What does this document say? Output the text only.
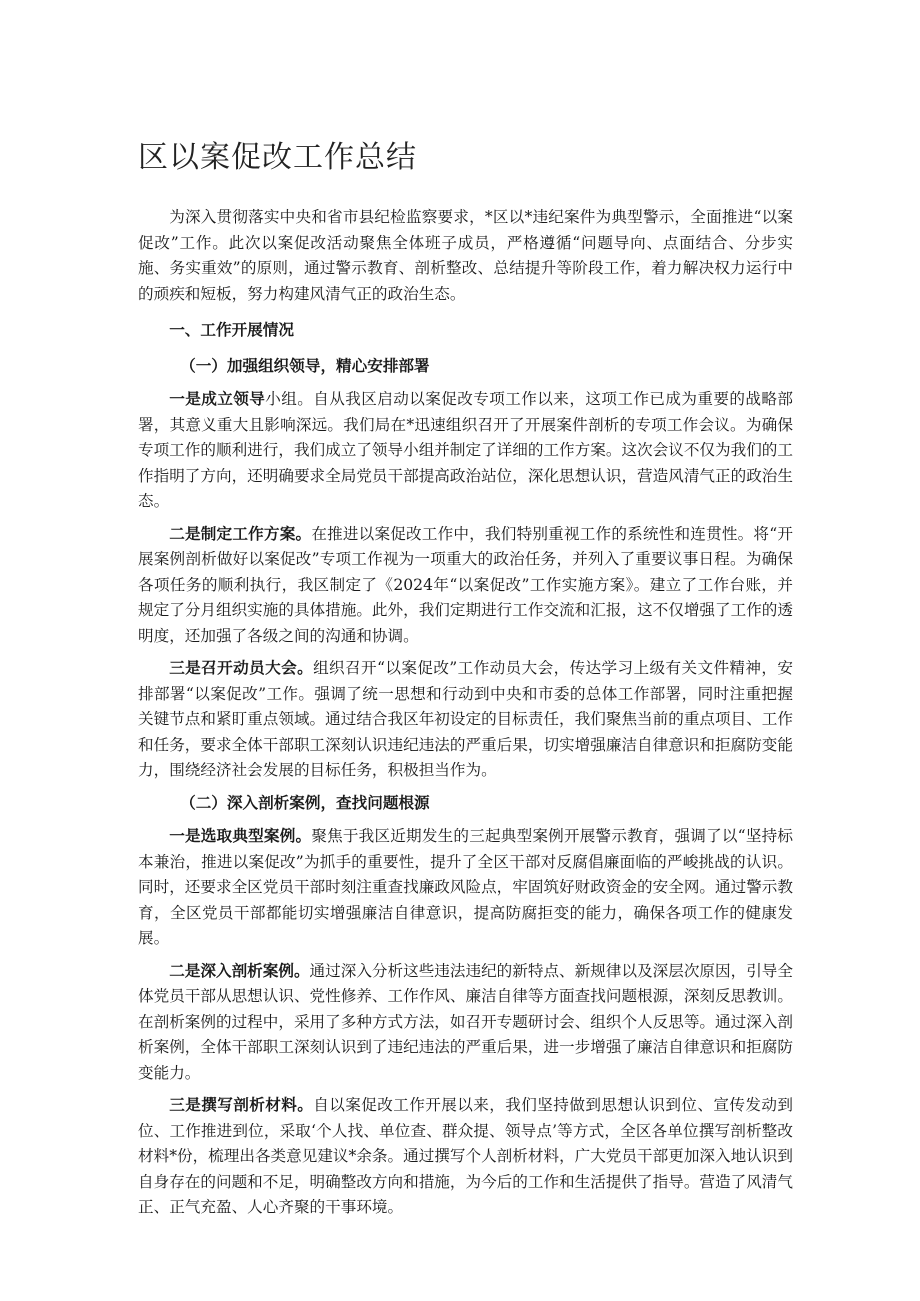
区以案促改工作总结

为深入贯彻落实中央和省市县纪检监察要求，*区以*违纪案件为典型警示，全面推进“以案促改”工作。此次以案促改活动聚焦全体班子成员，严格遵循“问题导向、点面结合、分步实施、务实重效”的原则，通过警示教育、剖析整改、总结提升等阶段工作，着力解决权力运行中的顽疾和短板，努力构建风清气正的政治生态。

一、工作开展情况

（一）加强组织领导，精心安排部署

一是成立领导小组。自从我区启动以案促改专项工作以来，这项工作已成为重要的战略部署，其意义重大且影响深远。我们局在*迅速组织召开了开展案件剖析的专项工作会议。为确保专项工作的顺利进行，我们成立了领导小组并制定了详细的工作方案。这次会议不仅为我们的工作指明了方向，还明确要求全局党员干部提高政治站位，深化思想认识，营造风清气正的政治生态。

二是制定工作方案。在推进以案促改工作中，我们特别重视工作的系统性和连贯性。将“开展案例剖析做好以案促改”专项工作视为一项重大的政治任务，并列入了重要议事日程。为确保各项任务的顺利执行，我区制定了《2024年“以案促改”工作实施方案》。建立了工作台账，并规定了分月组织实施的具体措施。此外，我们定期进行工作交流和汇报，这不仅增强了工作的透明度，还加强了各级之间的沟通和协调。

三是召开动员大会。组织召开“以案促改”工作动员大会，传达学习上级有关文件精神，安排部署“以案促改”工作。强调了统一思想和行动到中央和市委的总体工作部署，同时注重把握关键节点和紧盯重点领域。通过结合我区年初设定的目标责任，我们聚焦当前的重点项目、工作和任务，要求全体干部职工深刻认识违纪违法的严重后果，切实增强廉洁自律意识和拒腐防变能力，围绕经济社会发展的目标任务，积极担当作为。

（二）深入剖析案例，查找问题根源

一是选取典型案例。聚焦于我区近期发生的三起典型案例开展警示教育，强调了以“坚持标本兼治，推进以案促改”为抓手的重要性，提升了全区干部对反腐倡廉面临的严峻挑战的认识。同时，还要求全区党员干部时刻注重查找廉政风险点，牢固筑好财政资金的安全网。通过警示教育，全区党员干部都能切实增强廉洁自律意识，提高防腐拒变的能力，确保各项工作的健康发展。

二是深入剖析案例。通过深入分析这些违法违纪的新特点、新规律以及深层次原因，引导全体党员干部从思想认识、党性修养、工作作风、廉洁自律等方面查找问题根源，深刻反思教训。在剖析案例的过程中，采用了多种方式方法，如召开专题研讨会、组织个人反思等。通过深入剖析案例，全体干部职工深刻认识到了违纪违法的严重后果，进一步增强了廉洁自律意识和拒腐防变能力。

三是撰写剖析材料。自以案促改工作开展以来，我们坚持做到思想认识到位、宣传发动到位、工作推进到位，采取‘个人找、单位查、群众提、领导点’等方式，全区各单位撰写剖析整改材料*份，梳理出各类意见建议*余条。通过撰写个人剖析材料，广大党员干部更加深入地认识到自身存在的问题和不足，明确整改方向和措施，为今后的工作和生活提供了指导。营造了风清气正、正气充盈、人心齐聚的干事环境。
